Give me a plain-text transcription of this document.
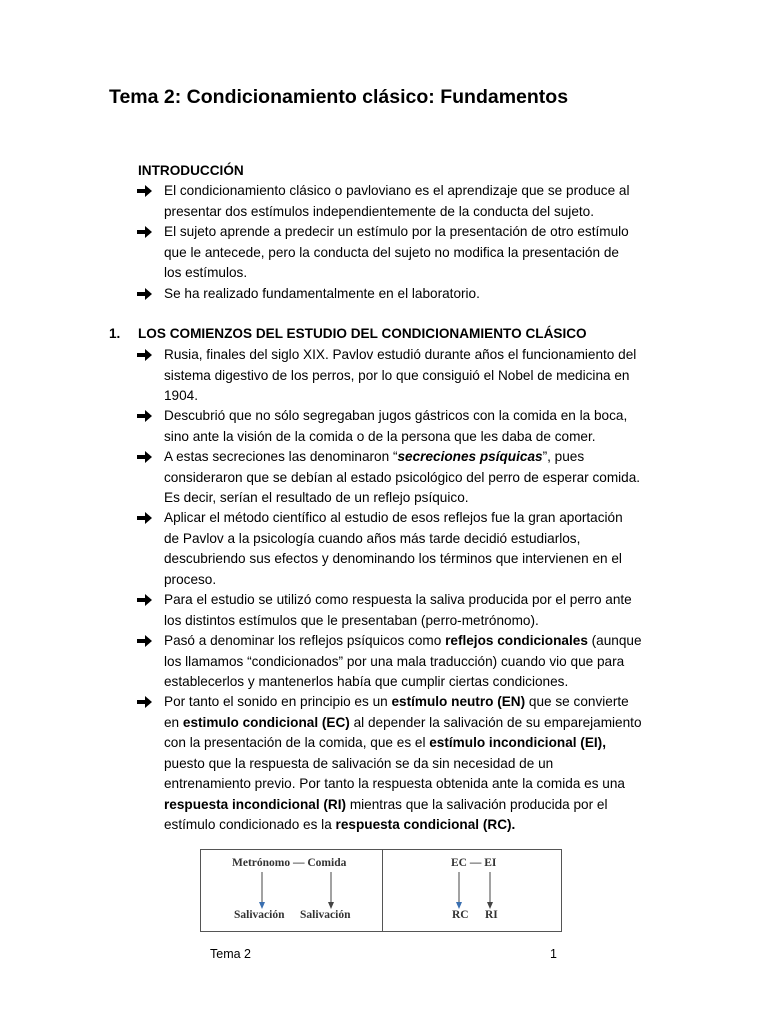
Tema 2: Condicionamiento clásico: Fundamentos
INTRODUCCIÓN
El condicionamiento clásico o pavloviano es el aprendizaje que se produce al
presentar dos estímulos independientemente de la conducta del sujeto.
El sujeto aprende a predecir un estímulo por la presentación de otro estímulo
que le antecede, pero la conducta del sujeto no modifica la presentación de
los estímulos.
Se ha realizado fundamentalmente en el laboratorio.
1. LOS COMIENZOS DEL ESTUDIO DEL CONDICIONAMIENTO CLÁSICO
Rusia, finales del siglo XIX. Pavlov estudió durante años el funcionamiento del
sistema digestivo de los perros, por lo que consiguió el Nobel de medicina en
1904.
Descubrió que no sólo segregaban jugos gástricos con la comida en la boca,
sino ante la visión de la comida o de la persona que les daba de comer.
A estas secreciones las denominaron “secreciones psíquicas”, pues
consideraron que se debían al estado psicológico del perro de esperar comida.
Es decir, serían el resultado de un reflejo psíquico.
Aplicar el método científico al estudio de esos reflejos fue la gran aportación
de Pavlov a la psicología cuando años más tarde decidió estudiarlos,
descubriendo sus efectos y denominando los términos que intervienen en el
proceso.
Para el estudio se utilizó como respuesta la saliva producida por el perro ante
los distintos estímulos que le presentaban (perro-metrónomo).
Pasó a denominar los reflejos psíquicos como reflejos condicionales (aunque
los llamamos “condicionados” por una mala traducción) cuando vio que para
establecerlos y mantenerlos había que cumplir ciertas condiciones.
Por tanto el sonido en principio es un estímulo neutro (EN) que se convierte
en estimulo condicional (EC) al depender la salivación de su emparejamiento
con la presentación de la comida, que es el estímulo incondicional (EI),
puesto que la respuesta de salivación se da sin necesidad de un
entrenamiento previo. Por tanto la respuesta obtenida ante la comida es una
respuesta incondicional (RI) mientras que la salivación producida por el
estímulo condicionado es la respuesta condicional (RC).
Metrónomo — Comida
Salivación Salivación
EC — EI
RC RI
Tema 2	1
